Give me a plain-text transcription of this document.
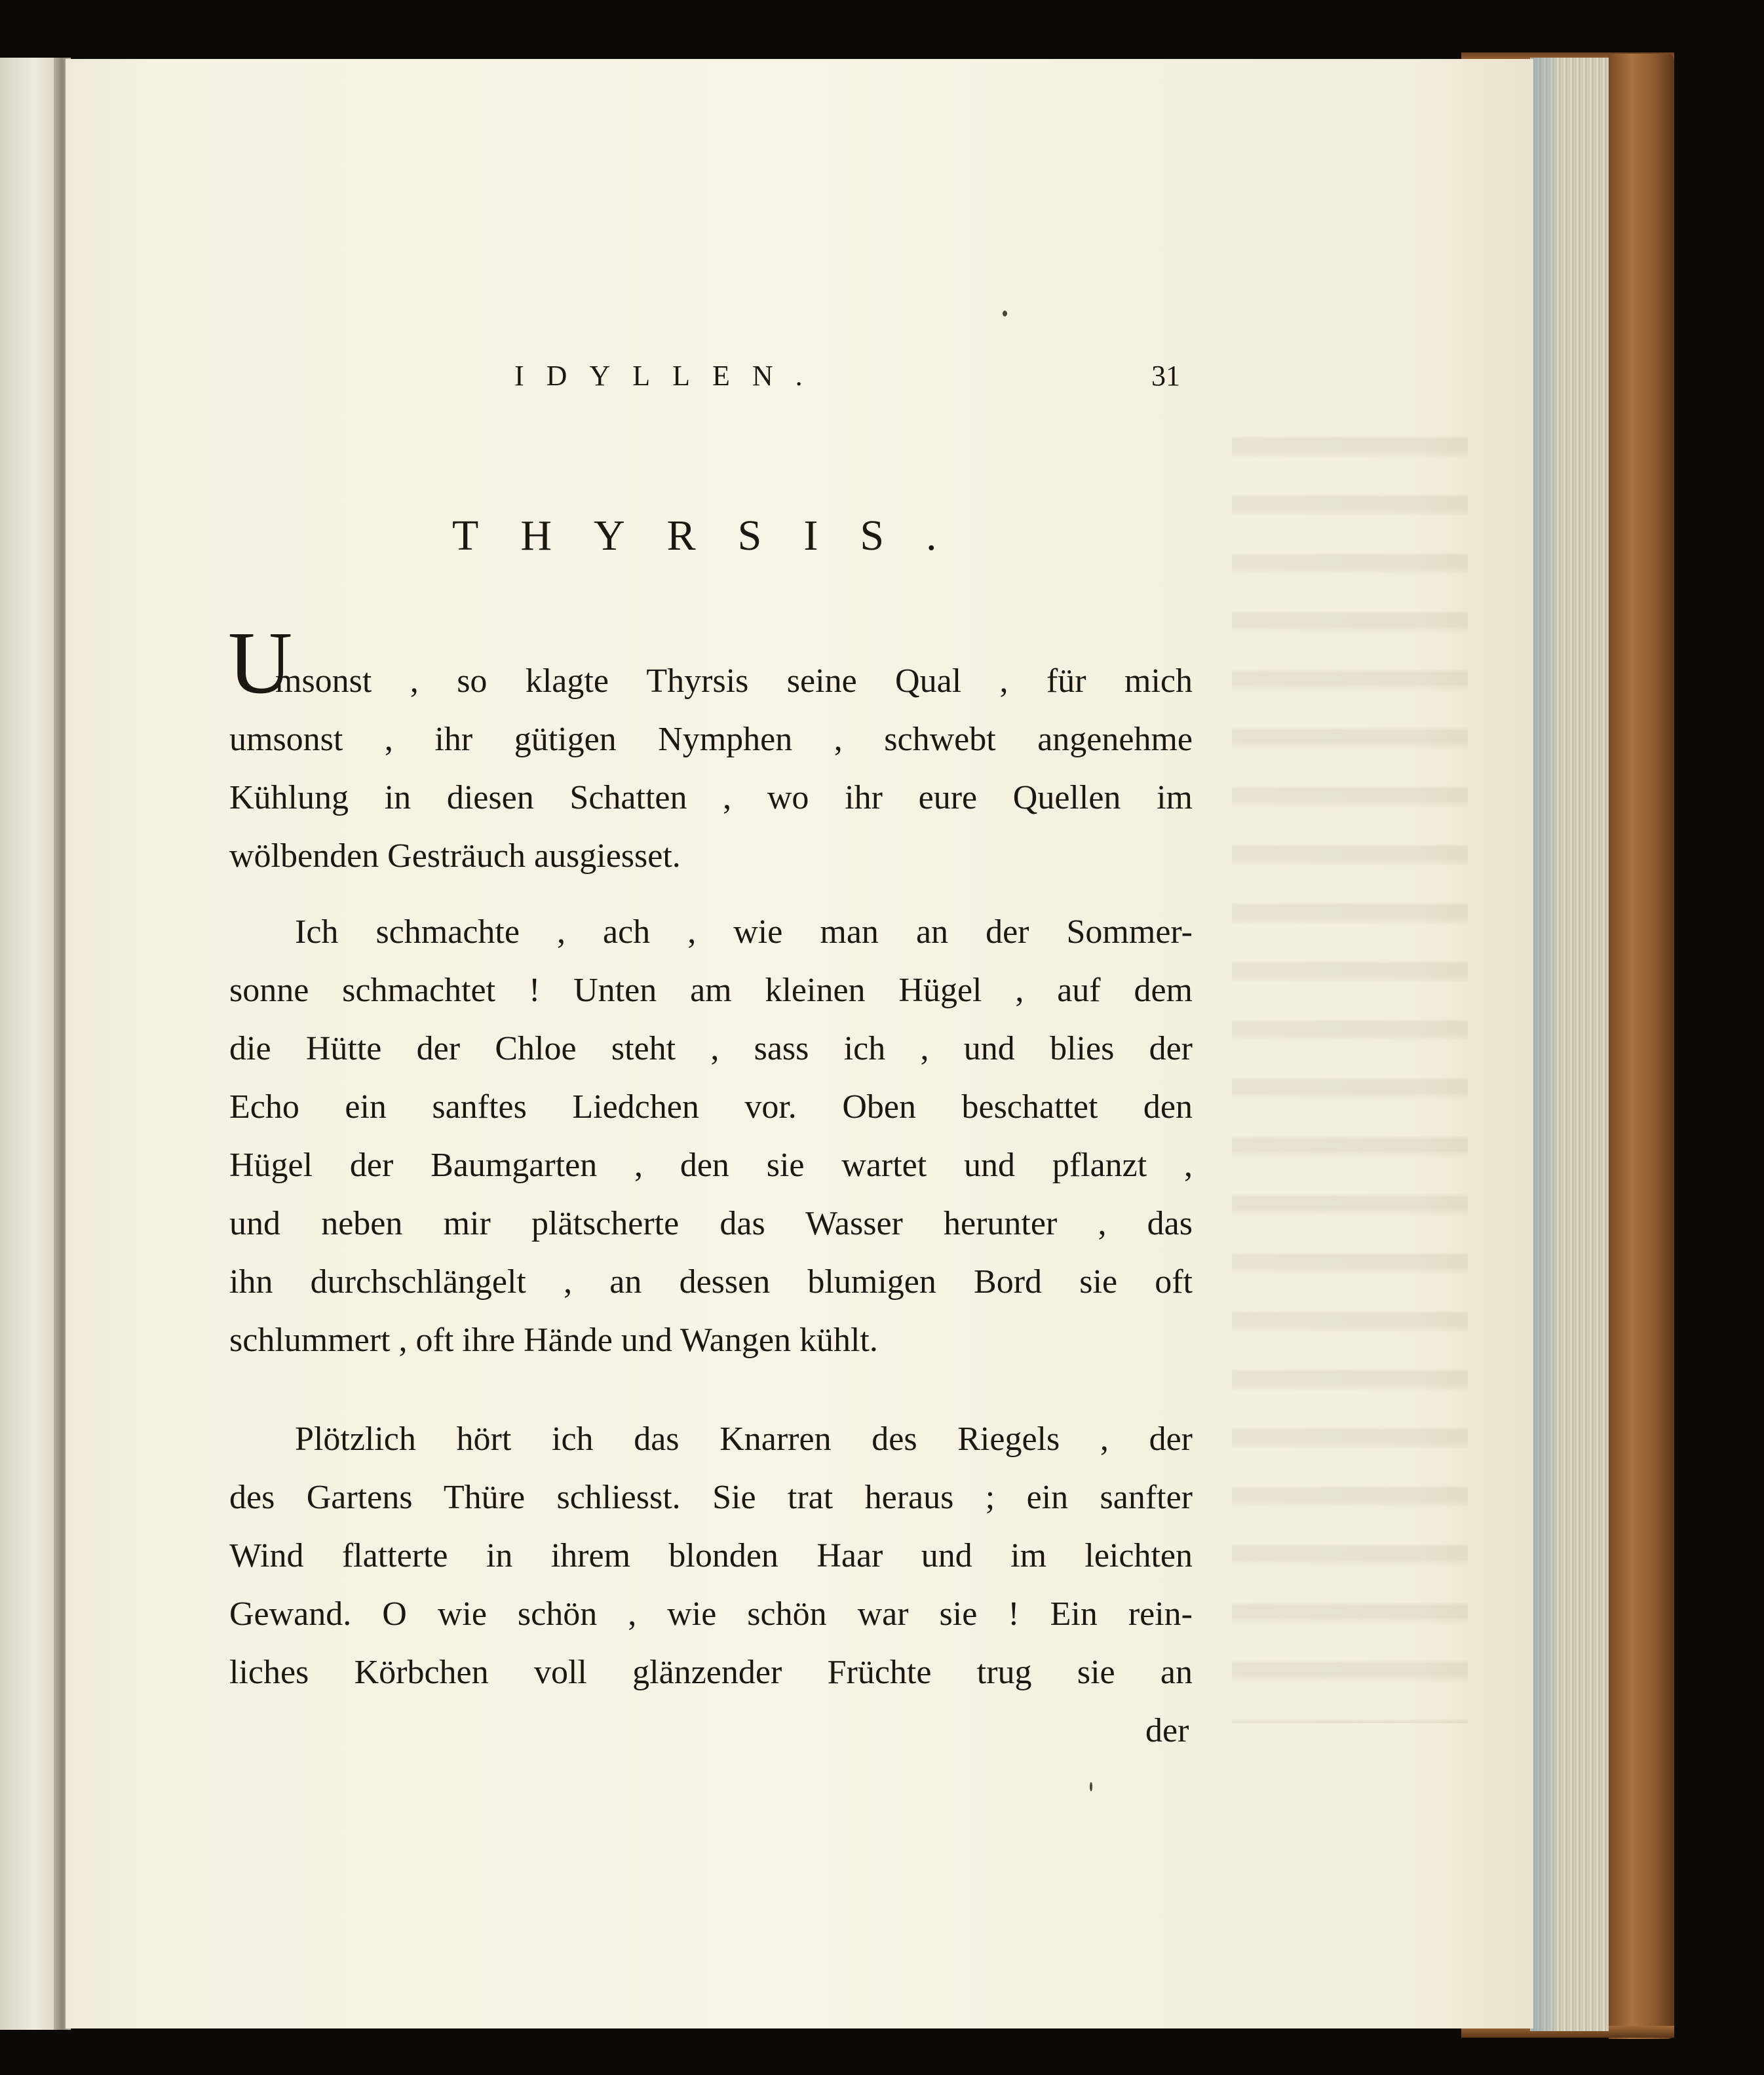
IDYLLEN.	31
THYRSIS.
U
msonst , so klagte Thyrsis seine Qual , für mich
umsonst , ihr gütigen Nymphen , schwebt angenehme
Kühlung in diesen Schatten , wo ihr eure Quellen im
wölbenden Gesträuch ausgiesset.
Ich schmachte , ach , wie man an der Sommer-
sonne schmachtet ! Unten am kleinen Hügel , auf dem
die Hütte der Chloe steht , sass ich , und blies der
Echo ein sanftes Liedchen vor. Oben beschattet den
Hügel der Baumgarten , den sie wartet und pflanzt ,
und neben mir plätscherte das Wasser herunter , das
ihn durchschlängelt , an dessen blumigen Bord sie oft
schlummert , oft ihre Hände und Wangen kühlt.
Plötzlich hört ich das Knarren des Riegels , der
des Gartens Thüre schliesst. Sie trat heraus ; ein sanfter
Wind flatterte in ihrem blonden Haar und im leichten
Gewand. O wie schön , wie schön war sie ! Ein rein-
liches Körbchen voll glänzender Früchte trug sie an
der
